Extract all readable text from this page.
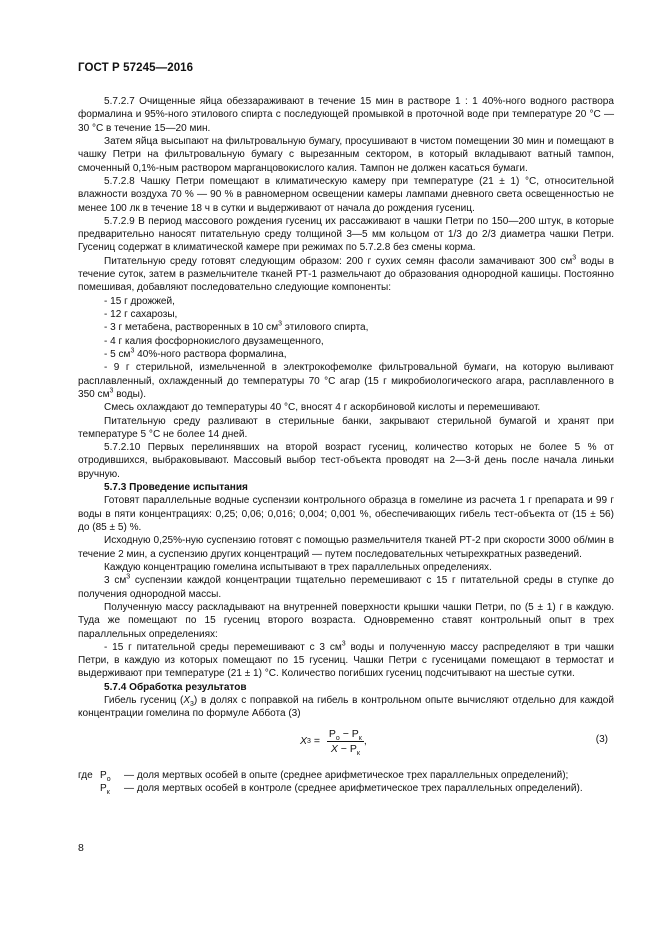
ГОСТ Р 57245—2016

5.7.2.7 Очищенные яйца обеззараживают в течение 15 мин в растворе 1 : 1 40%-ного водного раствора формалина и 95%-ного этилового спирта с последующей промывкой в проточной воде при температуре 20 °С — 30 °С в течение 15—20 мин.

Затем яйца высыпают на фильтровальную бумагу, просушивают в чистом помещении 30 мин и помещают в чашку Петри на фильтровальную бумагу с вырезанным сектором, в который вкладывают ватный тампон, смоченный 0,1%-ным раствором марганцовокислого калия. Тампон не должен касаться бумаги.

5.7.2.8 Чашку Петри помещают в климатическую камеру при температуре (21 ± 1) °С, относительной влажности воздуха 70 % — 90 % в равномерном освещении камеры лампами дневного света освещенностью не менее 100 лк в течение 18 ч в сутки и выдерживают от начала до рождения гусениц.

5.7.2.9 В период массового рождения гусениц их рассаживают в чашки Петри по 150—200 штук, в которые предварительно наносят питательную среду толщиной 3—5 мм кольцом от 1/3 до 2/3 диаметра чашки Петри. Гусениц содержат в климатической камере при режимах по 5.7.2.8 без смены корма.

Питательную среду готовят следующим образом: 200 г сухих семян фасоли замачивают 300 $см^3$ воды в течение суток, затем в размельчителе тканей РТ-1 размельчают до образования однородной кашицы. Постоянно помешивая, добавляют последовательно следующие компоненты:

- 15 г дрожжей,

- 12 г сахарозы,

- 3 г метабена, растворенных в 10 $см^3$ этилового спирта,

- 4 г калия фосфорнокислого двузамещенного,

- 5 $см^3$ 40%-ного раствора формалина,

- 9 г стерильной, измельченной в электрокофемолке фильтровальной бумаги, на которую выливают расплавленный, охлажденный до температуры 70 °С агар (15 г микробиологического агара, расплавленного в 350 $см^3$ воды).

Смесь охлаждают до температуры 40 °С, вносят 4 г аскорбиновой кислоты и перемешивают.

Питательную среду разливают в стерильные банки, закрывают стерильной бумагой и хранят при температуре 5 °С не более 14 дней.

5.7.2.10 Первых перелинявших на второй возраст гусениц, количество которых не более 5 % от отродившихся, выбраковывают. Массовый выбор тест-объекта проводят на 2—3-й день после начала линьки вручную.

5.7.3 Проведение испытания

Готовят параллельные водные суспензии контрольного образца в гомелине из расчета 1 г препарата и 99 г воды в пяти концентрациях: 0,25; 0,06; 0,016; 0,004; 0,001 %, обеспечивающих гибель тест-объекта от (15 ± 56) до (85 ± 5) %.

Исходную 0,25%-ную суспензию готовят с помощью размельчителя тканей РТ-2 при скорости 3000 об/мин в течение 2 мин, а суспензию других концентраций — путем последовательных четырехкратных разведений.

Каждую концентрацию гомелина испытывают в трех параллельных определениях.

3 $см^3$ суспензии каждой концентрации тщательно перемешивают с 15 г питательной среды в ступке до получения однородной массы.

Полученную массу раскладывают на внутренней поверхности крышки чашки Петри, по (5 ± 1) г в каждую. Туда же помещают по 15 гусениц второго возраста. Одновременно ставят контрольный опыт в трех параллельных определениях:

- 15 г питательной среды перемешивают с 3 $см^3$ воды и полученную массу распределяют в три чашки Петри, в каждую из которых помещают по 15 гусениц. Чашки Петри с гусеницами помещают в термостат и выдерживают при температуре (21 ± 1) °С. Количество погибших гусениц подсчитывают на шестые сутки.

5.7.4 Обработка результатов

Гибель гусениц $(X_3)$ в долях с поправкой на гибель в контрольном опыте вычисляют отдельно для каждой концентрации гомелина по формуле Аббота (3)

X $3 = \frac{Р_о - Р_к}{X - Р_к}$ ,	(3)
где $Р_о$	— доля мертвых особей в опыте (среднее арифметическое трех параллельных определений);
$Р_к$	— доля мертвых особей в контроле (среднее арифметическое трех параллельных определений).
8
